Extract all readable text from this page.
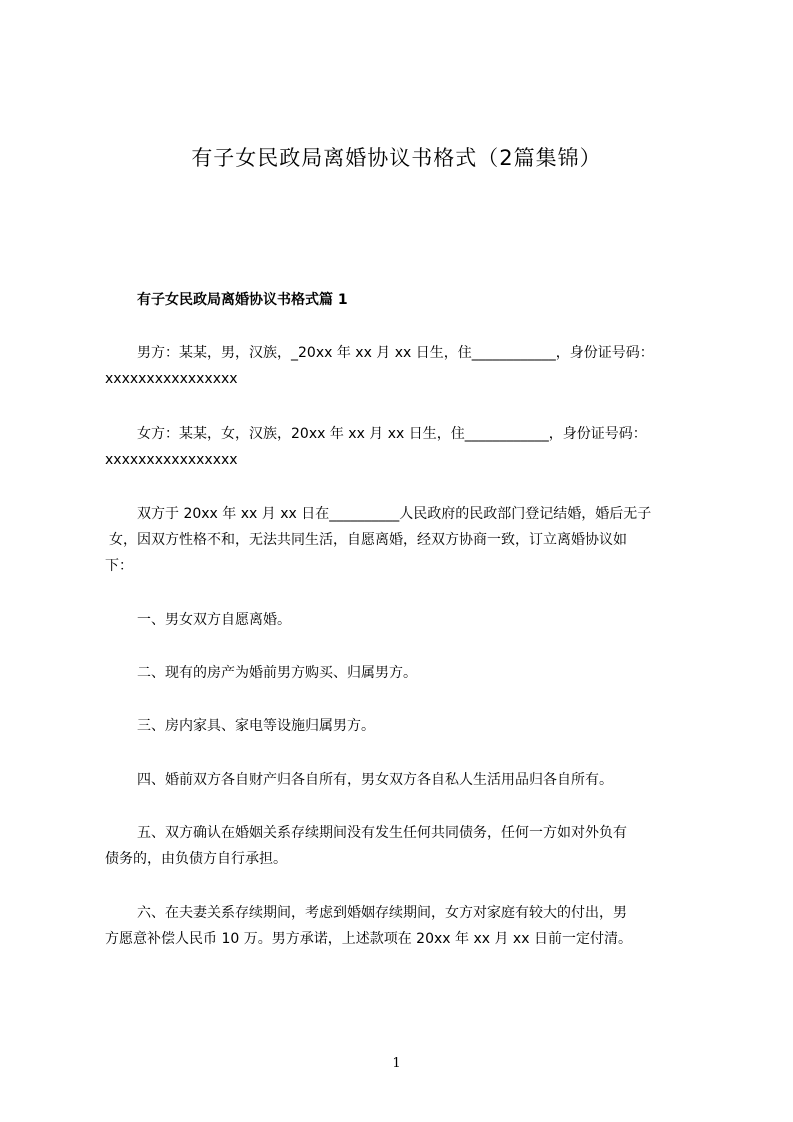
有子女民政局离婚协议书格式（2篇集锦）
有子女民政局离婚协议书格式篇 1

男方：某某，男，汉族，_20xx 年 xx 月 xx 日生，住____________，身份证号码：
xxxxxxxxxxxxxxxx

女方：某某，女，汉族，20xx 年 xx 月 xx 日生，住____________，身份证号码：
xxxxxxxxxxxxxxxx

双方于 20xx 年 xx 月 xx 日在__________人民政府的民政部门登记结婚，婚后无子
女，因双方性格不和，无法共同生活，自愿离婚，经双方协商一致，订立离婚协议如
下：

一、男女双方自愿离婚。

二、现有的房产为婚前男方购买、归属男方。

三、房内家具、家电等设施归属男方。

四、婚前双方各自财产归各自所有，男女双方各自私人生活用品归各自所有。

五、双方确认在婚姻关系存续期间没有发生任何共同债务，任何一方如对外负有
债务的，由负债方自行承担。

六、在夫妻关系存续期间，考虑到婚姻存续期间，女方对家庭有较大的付出，男
方愿意补偿人民币 10 万。男方承诺，上述款项在 20xx 年 xx 月 xx 日前一定付清。

1
